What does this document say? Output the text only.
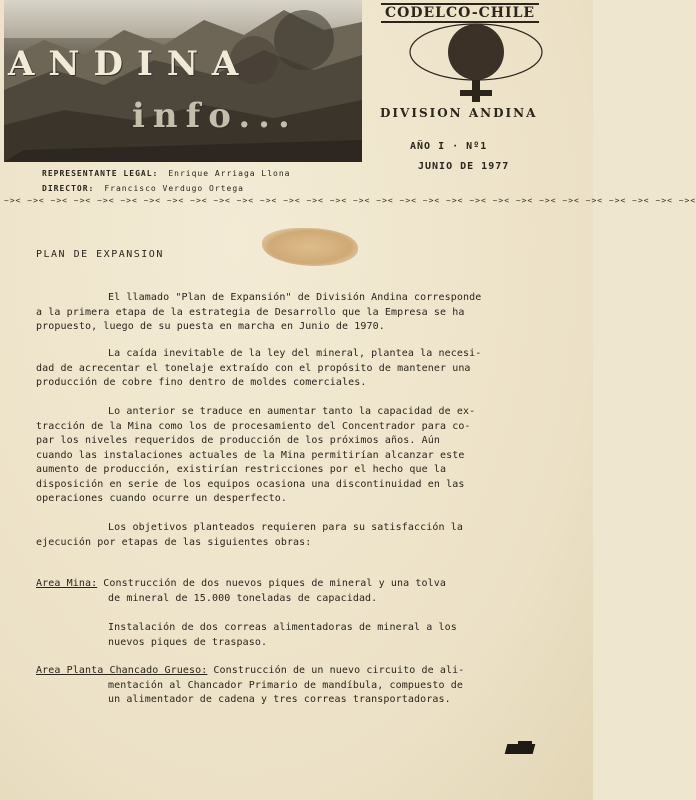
ANDINA
info...
CODELCO-CHILE
DIVISION ANDINA
AÑO I · Nº1
JUNIO DE 1977
REPRESENTANTE LEGAL: Enrique Arriaga Llona
DIRECTOR: Francisco Verdugo Ortega
~>< ~>< ~>< ~>< ~>< ~>< ~>< ~>< ~>< ~>< ~>< ~>< ~>< ~>< ~>< ~>< ~>< ~>< ~>< ~>< ~>< ~>< ~>< ~>< ~>< ~>< ~>< ~>< ~>< ~><
PLAN DE EXPANSION
El llamado "Plan de Expansión" de División Andina corresponde
a la primera etapa de la estrategia de Desarrollo que la Empresa se ha
propuesto, luego de su puesta en marcha en Junio de 1970.
La caída inevitable de la ley del mineral, plantea la necesi-
dad de acrecentar el tonelaje extraído con el propósito de mantener una
producción de cobre fino dentro de moldes comerciales.
Lo anterior se traduce en aumentar tanto la capacidad de ex-
tracción de la Mina como los de procesamiento del Concentrador para co-
par los niveles requeridos de producción de los próximos años. Aún
cuando las instalaciones actuales de la Mina permitirían alcanzar este
aumento de producción, existirían restricciones por el hecho que la
disposición en serie de los equipos ocasiona una discontinuidad en las
operaciones cuando ocurre un desperfecto.
Los objetivos planteados requieren para su satisfacción la
ejecución por etapas de las siguientes obras:
Area Mina: Construcción de dos nuevos piques de mineral y una tolva
de mineral de 15.000 toneladas de capacidad.
Instalación de dos correas alimentadoras de mineral a los
nuevos piques de traspaso.
Area Planta Chancado Grueso: Construcción de un nuevo circuito de ali-
mentación al Chancador Primario de mandíbula, compuesto de
un alimentador de cadena y tres correas transportadoras.
